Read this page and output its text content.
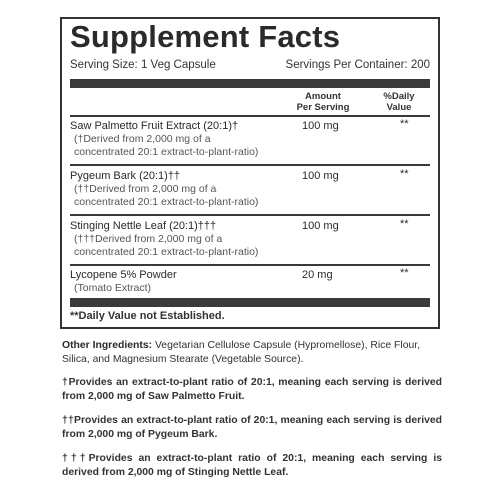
Supplement Facts
Serving Size: 1 Veg Capsule	Servings Per Container: 200
Amount
Per Serving
%Daily
Value
Saw Palmetto Fruit Extract (20:1)†
(†Derived from 2,000 mg of a
concentrated 20:1 extract-to-plant-ratio)
100 mg	**
Pygeum Bark (20:1)††
(††Derived from 2,000 mg of a
concentrated 20:1 extract-to-plant-ratio)
100 mg	**
Stinging Nettle Leaf (20:1)†††
(†††Derived from 2,000 mg of a
concentrated 20:1 extract-to-plant-ratio)
100 mg	**
Lycopene 5% Powder
(Tomato Extract)
20 mg	**
**Daily Value not Established.
Other Ingredients: Vegetarian Cellulose Capsule (Hypromellose), Rice Flour, Silica, and Magnesium Stearate (Vegetable Source).
†Provides an extract-to-plant ratio of 20:1, meaning each serving is derived from 2,000 mg of Saw Palmetto Fruit.
††Provides an extract-to-plant ratio of 20:1, meaning each serving is derived from 2,000 mg of Pygeum Bark.
†††Provides an extract-to-plant ratio of 20:1, meaning each serving is derived from 2,000 mg of Stinging Nettle Leaf.
